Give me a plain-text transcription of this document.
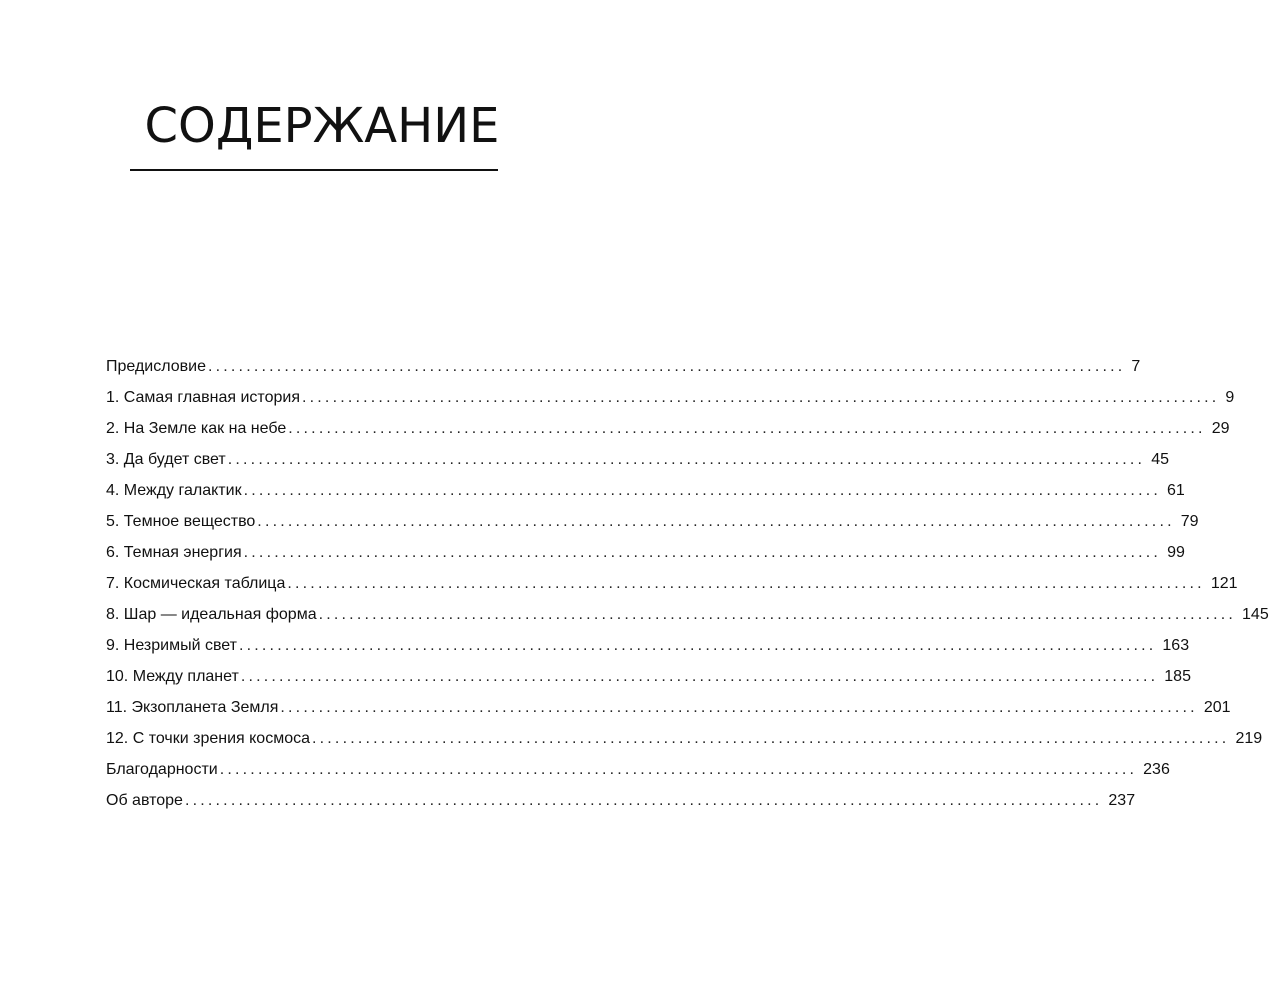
СОДЕРЖАНИЕ
Предисловие ........................................................................................................................ 7
1. Самая главная история ........................................................................................................................ 9
2. На Земле как на небе ........................................................................................................................ 29
3. Да будет свет ........................................................................................................................ 45
4. Между галактик ........................................................................................................................ 61
5. Темное вещество ........................................................................................................................ 79
6. Темная энергия ........................................................................................................................ 99
7. Космическая таблица ........................................................................................................................ 121
8. Шар — идеальная форма ........................................................................................................................ 145
9. Незримый свет ........................................................................................................................ 163
10. Между планет ........................................................................................................................ 185
11. Экзопланета Земля ........................................................................................................................ 201
12. С точки зрения космоса ........................................................................................................................ 219
Благодарности ........................................................................................................................ 236
Об авторе ........................................................................................................................ 237
